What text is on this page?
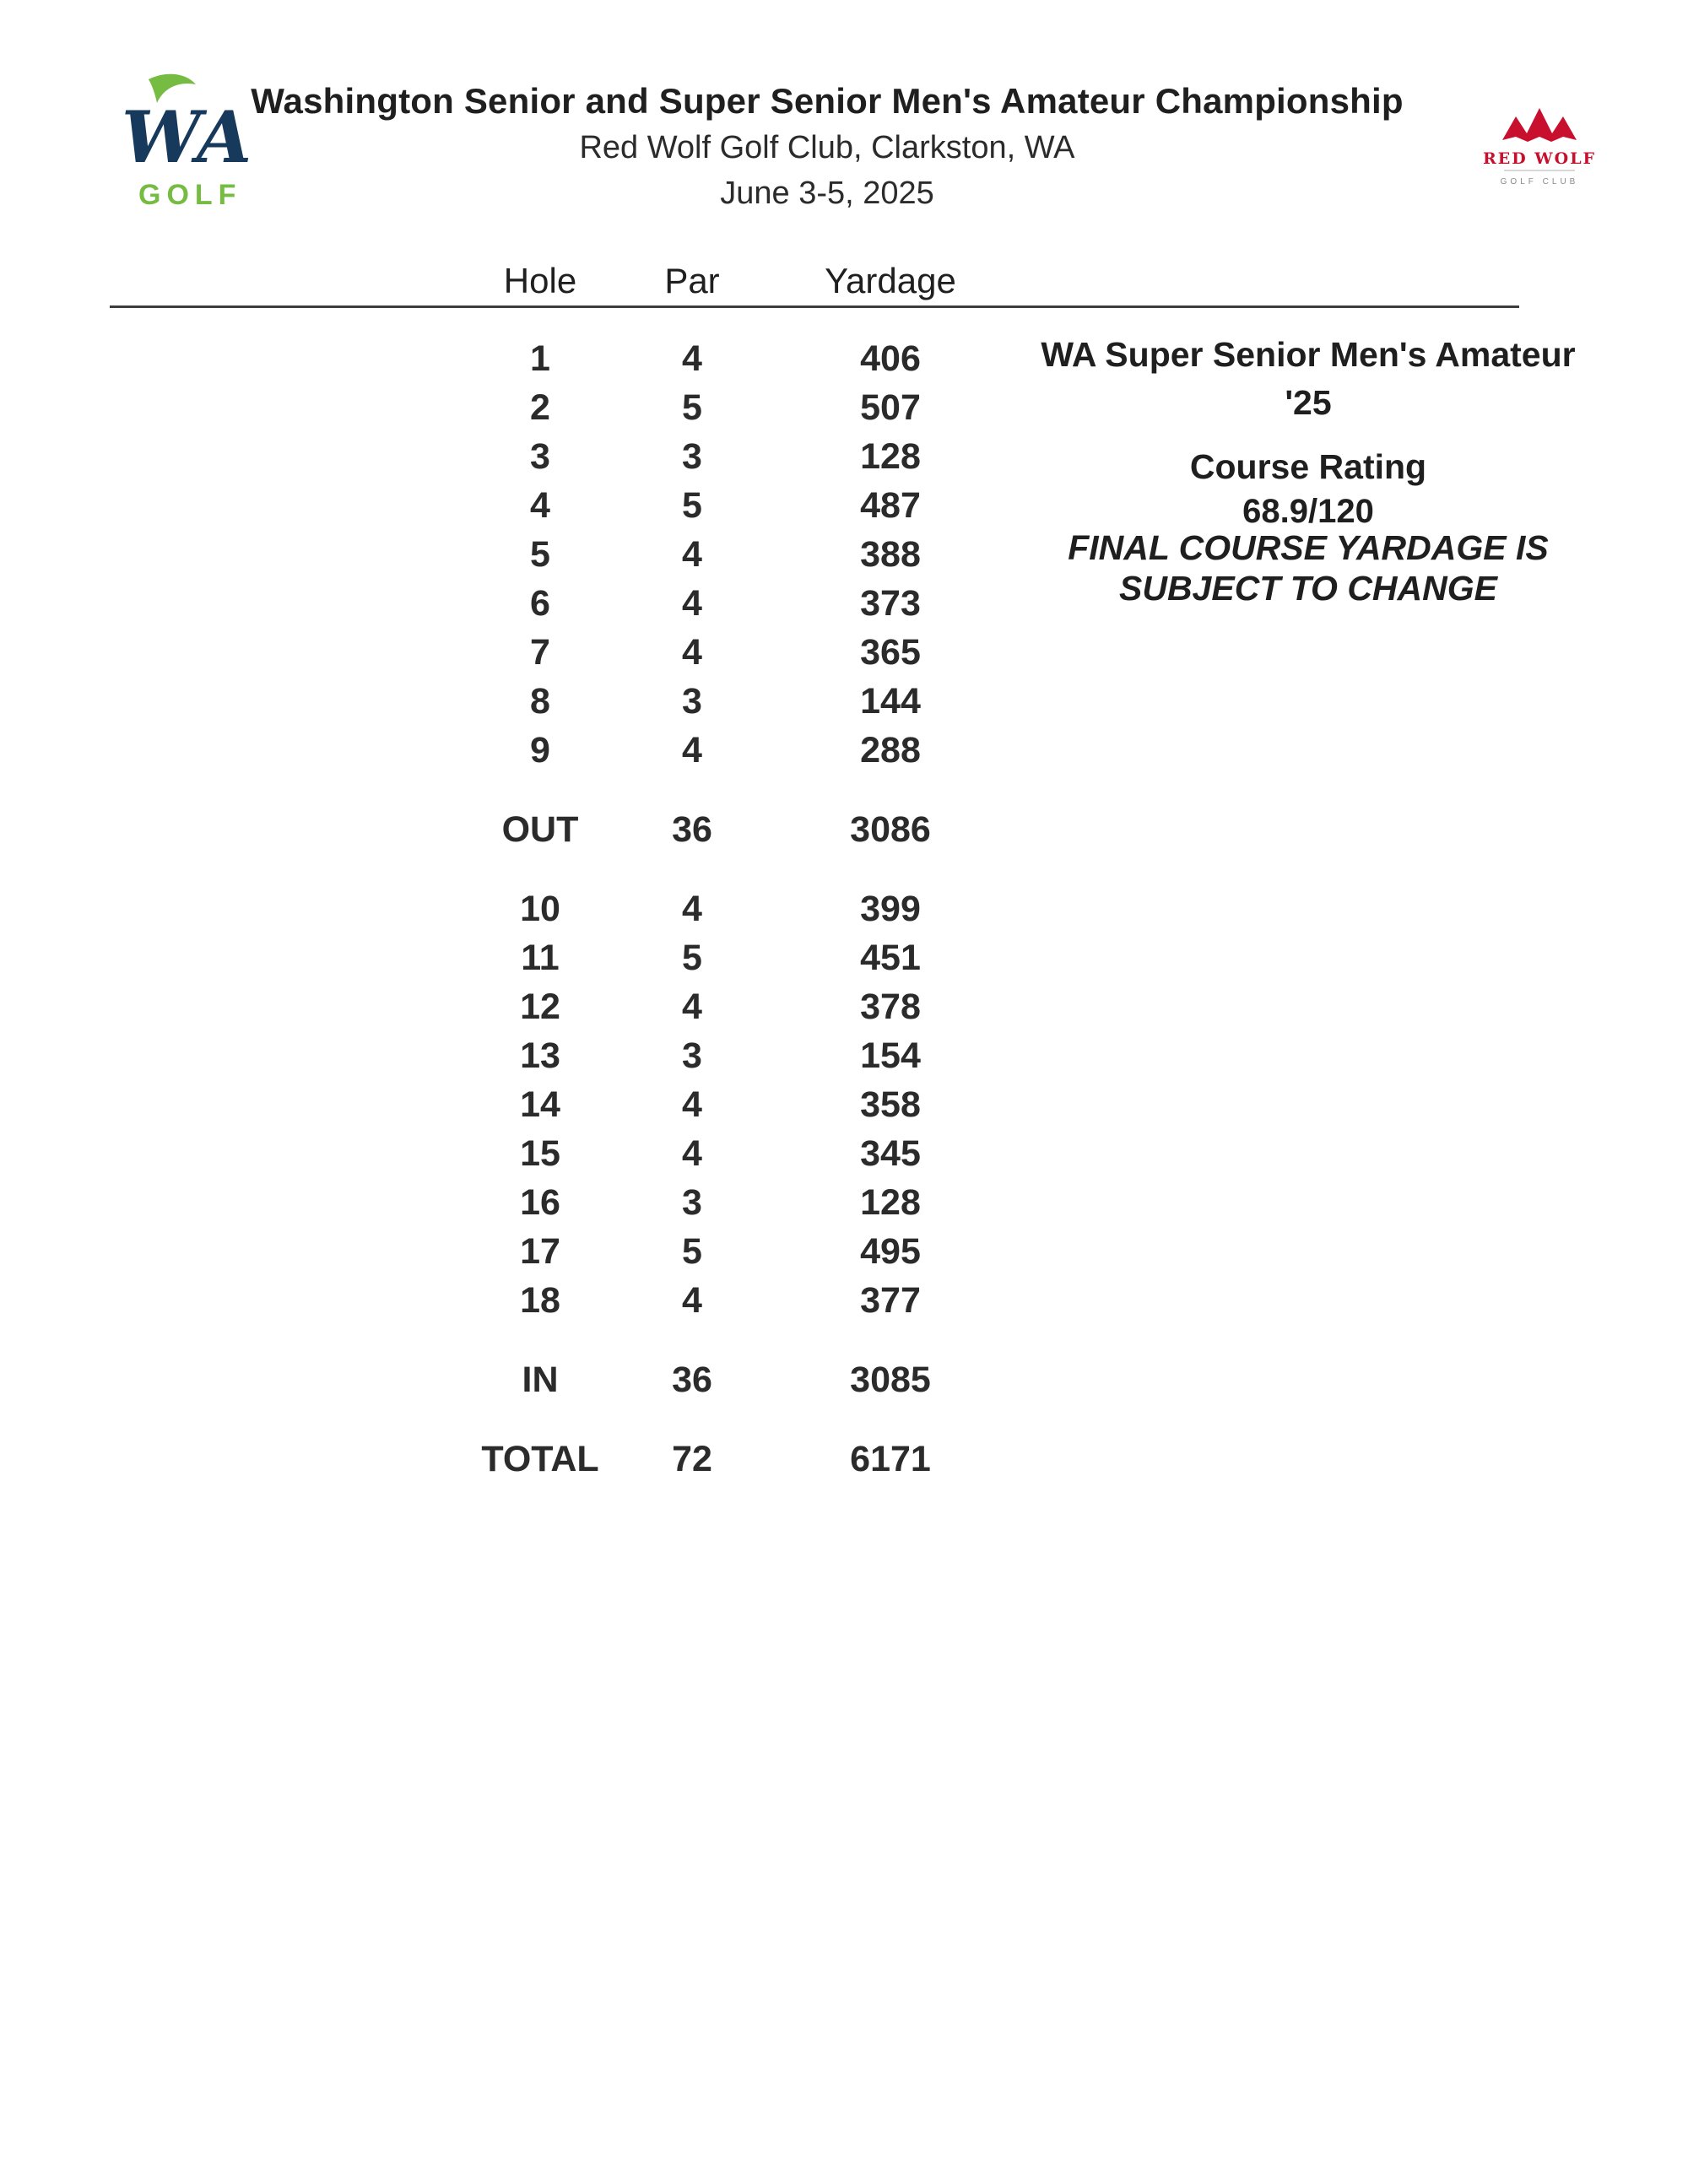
WA
GOLF
RED WOLF
GOLF CLUB
Washington Senior and Super Senior Men's Amateur Championship
Red Wolf Golf Club, Clarkston, WA
June 3-5, 2025
Hole	Par	Yardage
1	4	406
2	5	507
3	3	128
4	5	487
5	4	388
6	4	373
7	4	365
8	3	144
9	4	288
OUT	36	3086
10	4	399
11	5	451
12	4	378
13	3	154
14	4	358
15	4	345
16	3	128
17	5	495
18	4	377
IN	36	3085
TOTAL	72	6171
WA Super Senior Men's Amateur
'25
Course Rating
68.9/120
FINAL COURSE YARDAGE IS
SUBJECT TO CHANGE
